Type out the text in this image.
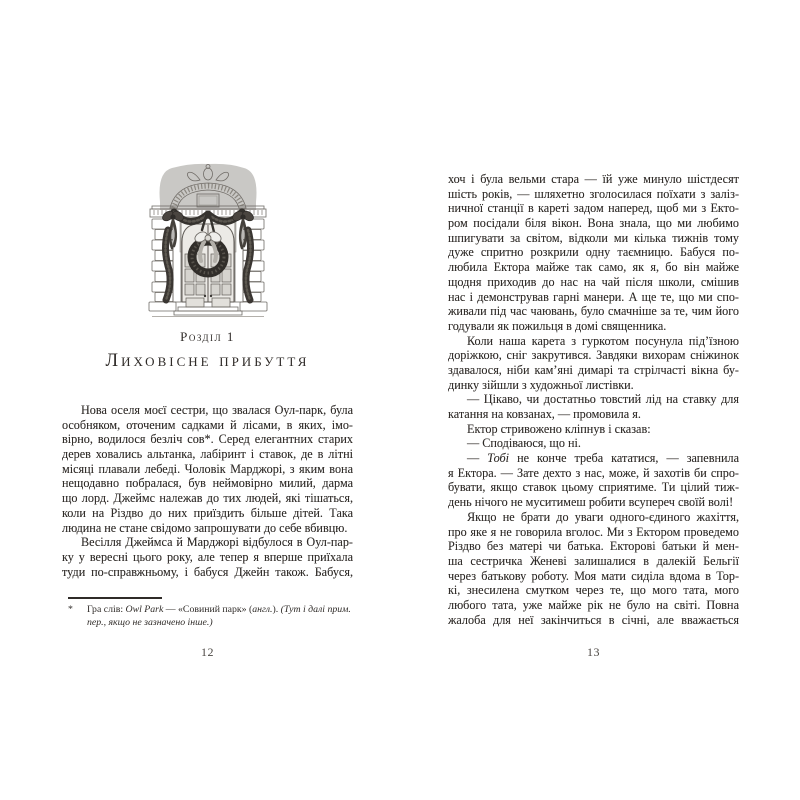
Розділ 1
Лиховісне прибуття
Нова оселя моєї сестри, що звалася Оул-парк, була
особняком, оточеним садками й лісами, в яких, імо-
вірно, водилося безліч сов*. Серед елегантних старих
дерев ховались альтанка, лабіринт і ставок, де в літні
місяці плавали лебеді. Чоловік Марджорі, з яким вона
нещодавно побралася, був неймовірно милий, дарма
що лорд. Джеймс належав до тих людей, які тішаться,
коли на Різдво до них приїздить більше дітей. Така
людина не стане свідомо запрошувати до себе вбивцю.
Весілля Джеймса й Марджорі відбулося в Оул-пар-
ку у вересні цього року, але тепер я вперше приїхала
туди по-справжньому, і бабуся Джейн також. Бабуся,
*	Гра слів: Owl Park — «Совиний парк» (англ.). (Тут і далі прим.
пер., якщо не зазначено інше.)
12
хоч і була вельми стара — їй уже минуло шістдесят
шість років, — шляхетно зголосилася поїхати з заліз-
ничної станції в кареті задом наперед, щоб ми з Екто-
ром посідали біля вікон. Вона знала, що ми любимо
шпигувати за світом, відколи ми кілька тижнів тому
дуже спритно розкрили одну таємницю. Бабуся по-
любила Ектора майже так само, як я, бо він майже
щодня приходив до нас на чай після школи, смішив
нас і демонстрував гарні манери. А ще те, що ми спо-
живали під час чаювань, було смачніше за те, чим його
годували як пожильця в домі священника.
Коли наша карета з гуркотом посунула під’їзною
доріжкою, сніг закрутився. Завдяки вихорам сніжинок
здавалося, ніби кам’яні димарі та стрілчасті вікна бу-
динку зійшли з художньої листівки.
— Цікаво, чи достатньо товстий лід на ставку для
катання на ковзанах, — промовила я.
Ектор стривожено кліпнув і сказав:
— Сподіваюся, що ні.
— Тобі не конче треба кататися, — запевнила
я Ектора. — Зате дехто з нас, може, й захотів би спро-
бувати, якщо ставок цьому сприятиме. Ти цілий тиж-
день нічого не муситимеш робити всупереч своїй волі!
Якщо не брати до уваги одного-єдиного жахіття,
про яке я не говорила вголос. Ми з Ектором проведемо
Різдво без матері чи батька. Екторові батьки й мен-
ша сестричка Женеві залишалися в далекій Бельгії
через батькову роботу. Моя мати сиділа вдома в Тор-
кі, знесилена смутком через те, що мого тата, мого
любого тата, уже майже рік не було на світі. Повна
жалоба для неї закінчиться в січні, але вважається
13
